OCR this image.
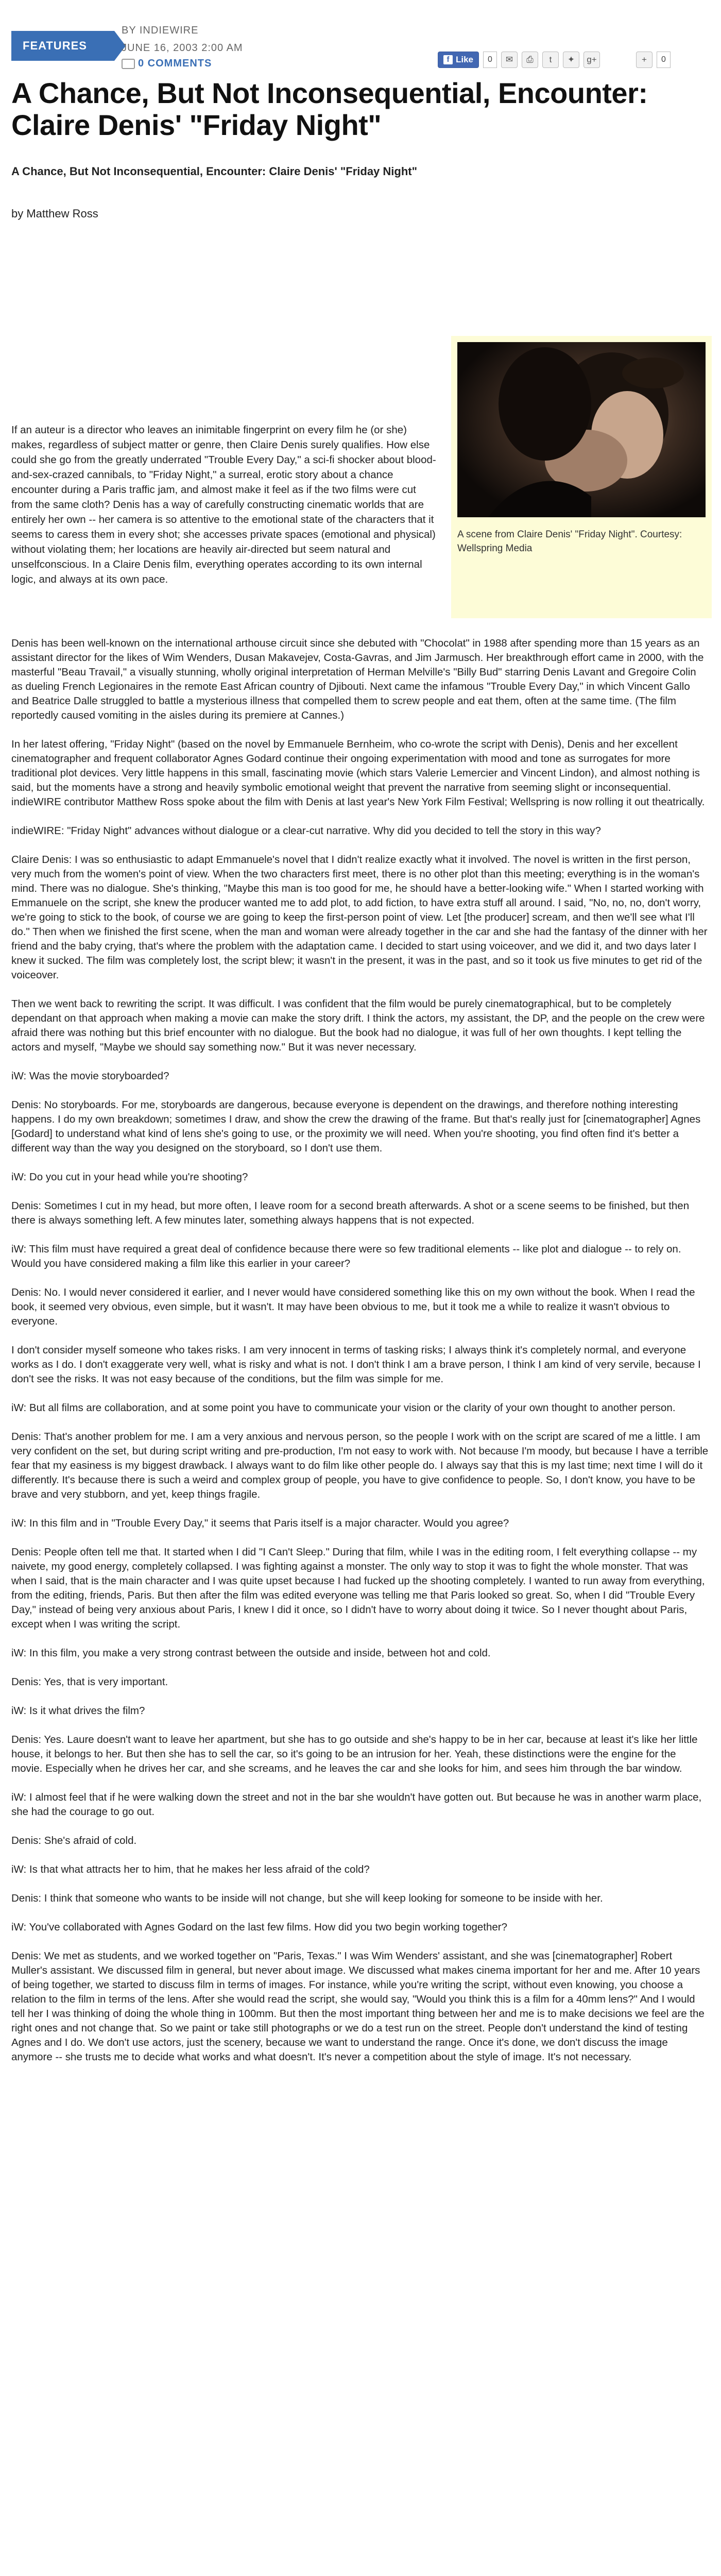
FEATURES
BY INDIEWIRE
JUNE 16, 2003 2:00 AM
0 COMMENTS	f Like	0	✉	⎙	t	✦	g+	+	0
A Chance, But Not Inconsequential, Encounter: Claire Denis' "Friday Night"
A Chance, But Not Inconsequential, Encounter: Claire Denis' "Friday Night"
by Matthew Ross
A scene from Claire Denis' "Friday Night". Courtesy: Wellspring Media
If an auteur is a director who leaves an inimitable fingerprint on every film he (or she) makes, regardless of subject matter or genre, then Claire Denis surely qualifies. How else could she go from the greatly underrated "Trouble Every Day," a sci-fi shocker about blood-and-sex-crazed cannibals, to "Friday Night," a surreal, erotic story about a chance encounter during a Paris traffic jam, and almost make it feel as if the two films were cut from the same cloth? Denis has a way of carefully constructing cinematic worlds that are entirely her own -- her camera is so attentive to the emotional state of the characters that it seems to caress them in every shot; she accesses private spaces (emotional and physical) without violating them; her locations are heavily air-directed but seem natural and unselfconscious. In a Claire Denis film, everything operates according to its own internal logic, and always at its own pace.

Denis has been well-known on the international arthouse circuit since she debuted with "Chocolat" in 1988 after spending more than 15 years as an assistant director for the likes of Wim Wenders, Dusan Makavejev, Costa-Gavras, and Jim Jarmusch. Her breakthrough effort came in 2000, with the masterful "Beau Travail," a visually stunning, wholly original interpretation of Herman Melville's "Billy Bud" starring Denis Lavant and Gregoire Colin as dueling French Legionaires in the remote East African country of Djibouti. Next came the infamous "Trouble Every Day," in which Vincent Gallo and Beatrice Dalle struggled to battle a mysterious illness that compelled them to screw people and eat them, often at the same time. (The film reportedly caused vomiting in the aisles during its premiere at Cannes.)

In her latest offering, "Friday Night" (based on the novel by Emmanuele Bernheim, who co-wrote the script with Denis), Denis and her excellent cinematographer and frequent collaborator Agnes Godard continue their ongoing experimentation with mood and tone as surrogates for more traditional plot devices. Very little happens in this small, fascinating movie (which stars Valerie Lemercier and Vincent Lindon), and almost nothing is said, but the moments have a strong and heavily symbolic emotional weight that prevent the narrative from seeming slight or inconsequential. indieWIRE contributor Matthew Ross spoke about the film with Denis at last year's New York Film Festival; Wellspring is now rolling it out theatrically.

indieWIRE: "Friday Night" advances without dialogue or a clear-cut narrative. Why did you decided to tell the story in this way?

Claire Denis: I was so enthusiastic to adapt Emmanuele's novel that I didn't realize exactly what it involved. The novel is written in the first person, very much from the women's point of view. When the two characters first meet, there is no other plot than this meeting; everything is in the woman's mind. There was no dialogue. She's thinking, "Maybe this man is too good for me, he should have a better-looking wife." When I started working with Emmanuele on the script, she knew the producer wanted me to add plot, to add fiction, to have extra stuff all around. I said, "No, no, no, don't worry, we're going to stick to the book, of course we are going to keep the first-person point of view. Let [the producer] scream, and then we'll see what I'll do." Then when we finished the first scene, when the man and woman were already together in the car and she had the fantasy of the dinner with her friend and the baby crying, that's where the problem with the adaptation came. I decided to start using voiceover, and we did it, and two days later I knew it sucked. The film was completely lost, the script blew; it wasn't in the present, it was in the past, and so it took us five minutes to get rid of the voiceover.

Then we went back to rewriting the script. It was difficult. I was confident that the film would be purely cinematographical, but to be completely dependant on that approach when making a movie can make the story drift. I think the actors, my assistant, the DP, and the people on the crew were afraid there was nothing but this brief encounter with no dialogue. But the book had no dialogue, it was full of her own thoughts. I kept telling the actors and myself, "Maybe we should say something now." But it was never necessary.

iW: Was the movie storyboarded?

Denis: No storyboards. For me, storyboards are dangerous, because everyone is dependent on the drawings, and therefore nothing interesting happens. I do my own breakdown; sometimes I draw, and show the crew the drawing of the frame. But that's really just for [cinematographer] Agnes [Godard] to understand what kind of lens she's going to use, or the proximity we will need. When you're shooting, you find often find it's better a different way than the way you designed on the storyboard, so I don't use them.

iW: Do you cut in your head while you're shooting?

Denis: Sometimes I cut in my head, but more often, I leave room for a second breath afterwards. A shot or a scene seems to be finished, but then there is always something left. A few minutes later, something always happens that is not expected.

iW: This film must have required a great deal of confidence because there were so few traditional elements -- like plot and dialogue -- to rely on. Would you have considered making a film like this earlier in your career?

Denis: No. I would never considered it earlier, and I never would have considered something like this on my own without the book. When I read the book, it seemed very obvious, even simple, but it wasn't. It may have been obvious to me, but it took me a while to realize it wasn't obvious to everyone.

I don't consider myself someone who takes risks. I am very innocent in terms of tasking risks; I always think it's completely normal, and everyone works as I do. I don't exaggerate very well, what is risky and what is not. I don't think I am a brave person, I think I am kind of very servile, because I don't see the risks. It was not easy because of the conditions, but the film was simple for me.

iW: But all films are collaboration, and at some point you have to communicate your vision or the clarity of your own thought to another person.

Denis: That's another problem for me. I am a very anxious and nervous person, so the people I work with on the script are scared of me a little. I am very confident on the set, but during script writing and pre-production, I'm not easy to work with. Not because I'm moody, but because I have a terrible fear that my easiness is my biggest drawback. I always want to do film like other people do. I always say that this is my last time; next time I will do it differently. It's because there is such a weird and complex group of people, you have to give confidence to people. So, I don't know, you have to be brave and very stubborn, and yet, keep things fragile.

iW: In this film and in "Trouble Every Day," it seems that Paris itself is a major character. Would you agree?

Denis: People often tell me that. It started when I did "I Can't Sleep." During that film, while I was in the editing room, I felt everything collapse -- my naivete, my good energy, completely collapsed. I was fighting against a monster. The only way to stop it was to fight the whole monster. That was when I said, that is the main character and I was quite upset because I had fucked up the shooting completely. I wanted to run away from everything, from the editing, friends, Paris. But then after the film was edited everyone was telling me that Paris looked so great. So, when I did "Trouble Every Day," instead of being very anxious about Paris, I knew I did it once, so I didn't have to worry about doing it twice. So I never thought about Paris, except when I was writing the script.

iW: In this film, you make a very strong contrast between the outside and inside, between hot and cold.

Denis: Yes, that is very important.

iW: Is it what drives the film?

Denis: Yes. Laure doesn't want to leave her apartment, but she has to go outside and she's happy to be in her car, because at least it's like her little house, it belongs to her. But then she has to sell the car, so it's going to be an intrusion for her. Yeah, these distinctions were the engine for the movie. Especially when he drives her car, and she screams, and he leaves the car and she looks for him, and sees him through the bar window.

iW: I almost feel that if he were walking down the street and not in the bar she wouldn't have gotten out. But because he was in another warm place, she had the courage to go out.

Denis: She's afraid of cold.

iW: Is that what attracts her to him, that he makes her less afraid of the cold?

Denis: I think that someone who wants to be inside will not change, but she will keep looking for someone to be inside with her.

iW: You've collaborated with Agnes Godard on the last few films. How did you two begin working together?

Denis: We met as students, and we worked together on "Paris, Texas." I was Wim Wenders' assistant, and she was [cinematographer] Robert Muller's assistant. We discussed film in general, but never about image. We discussed what makes cinema important for her and me. After 10 years of being together, we started to discuss film in terms of images. For instance, while you're writing the script, without even knowing, you choose a relation to the film in terms of the lens. After she would read the script, she would say, "Would you think this is a film for a 40mm lens?" And I would tell her I was thinking of doing the whole thing in 100mm. But then the most important thing between her and me is to make decisions we feel are the right ones and not change that. So we paint or take still photographs or we do a test run on the street. People don't understand the kind of testing Agnes and I do. We don't use actors, just the scenery, because we want to understand the range. Once it's done, we don't discuss the image anymore -- she trusts me to decide what works and what doesn't. It's never a competition about the style of image. It's not necessary.
